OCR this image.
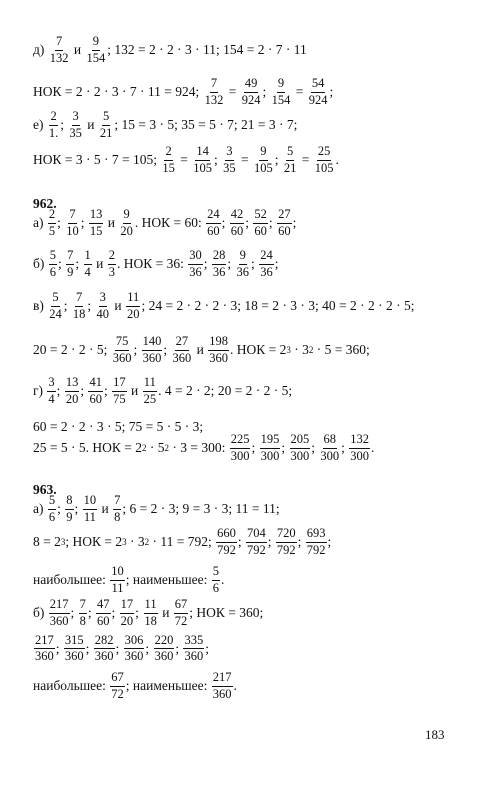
$д) \frac{7}{132}$ и $\frac{9}{154}$ ; 132 = 2 · 2 · 3 · 11; 154 = 2 · 7 · 11
НОК = 2 · 2 · 3 · 7 · 11 = 924; $\frac{7}{132} = \frac{49}{924}$ ; $\frac{9}{154} = \frac{54}{924}$ ;
$е) \frac{2}{1.}$ ; $\frac{3}{35}$ и $\frac{5}{21}$ ; 15 = 3 · 5; 35 = 5 · 7; 21 = 3 · 7;
НОК = 3 · 5 · 7 = 105; $\frac{2}{15} = \frac{14}{105}$ ; $\frac{3}{35} = \frac{9}{105}$ ; $\frac{5}{21} = \frac{25}{105}$ .
$а) \frac{2}{5}$ ; $\frac{7}{10}$ ; $\frac{13}{15}$ и $\frac{9}{20}$ . НОК = 60: $\frac{24}{60}$ ; $\frac{42}{60}$ ; $\frac{52}{60}$ ; $\frac{27}{60}$ ;
$б) \frac{5}{6}$ ; $\frac{7}{9}$ ; $\frac{1}{4}$ и $\frac{2}{3}$ . НОК = 36: $\frac{30}{36}$ ; $\frac{28}{36}$ ; $\frac{9}{36}$ ; $\frac{24}{36}$ ;
$в) \frac{5}{24}$ ; $\frac{7}{18}$ ; $\frac{3}{40}$ и $\frac{11}{20}$ ; 24 = 2 · 2 · 2 · 3; 18 = 2 · 3 · 3; 40 = 2 · 2 · 2 · 5;
20 = 2 · 2 · 5; $\frac{75}{360}$ ; $\frac{140}{360}$ ; $\frac{27}{360}$ и $\frac{198}{360}$ . НОК = 2 3 · 3 2 · 5 = 360;
$г) \frac{3}{4}$ ; $\frac{13}{20}$ ; $\frac{41}{60}$ ; $\frac{17}{75}$ и $\frac{11}{25}$ . 4 = 2 · 2; 20 = 2 · 2 · 5;
60 = 2 · 2 · 3 · 5; 75 = 5 · 5 · 3;
25 = 5 · 5. НОК = 2 2 · 5 2 · 3 = 300: $\frac{225}{300}$ ; $\frac{195}{300}$ ; $\frac{205}{300}$ ; $\frac{68}{300}$ ; $\frac{132}{300}$ .
$а) \frac{5}{6}$ ; $\frac{8}{9}$ ; $\frac{10}{11}$ и $\frac{7}{8}$ ; 6 = 2 · 3; 9 = 3 · 3; 11 = 11;
8 = 2 3 ; НОК = 2 3 · 3 2 · 11 = 792; $\frac{660}{792}$ ; $\frac{704}{792}$ ; $\frac{720}{792}$ ; $\frac{693}{792}$ ;
наибольшее: $\frac{10}{11}$ ; наименьшее: $\frac{5}{6}$ .
$б) \frac{217}{360}$ ; $\frac{7}{8}$ ; $\frac{47}{60}$ ; $\frac{17}{20}$ ; $\frac{11}{18}$ и $\frac{67}{72}$ ; НОК = 360;
$\frac{217}{360}$ ; $\frac{315}{360}$ ; $\frac{282}{360}$ ; $\frac{306}{360}$ ; $\frac{220}{360}$ ; $\frac{335}{360}$ ;
наибольшее: $\frac{67}{72}$ ; наименьшее: $\frac{217}{360}$ .
962.
963.
183
